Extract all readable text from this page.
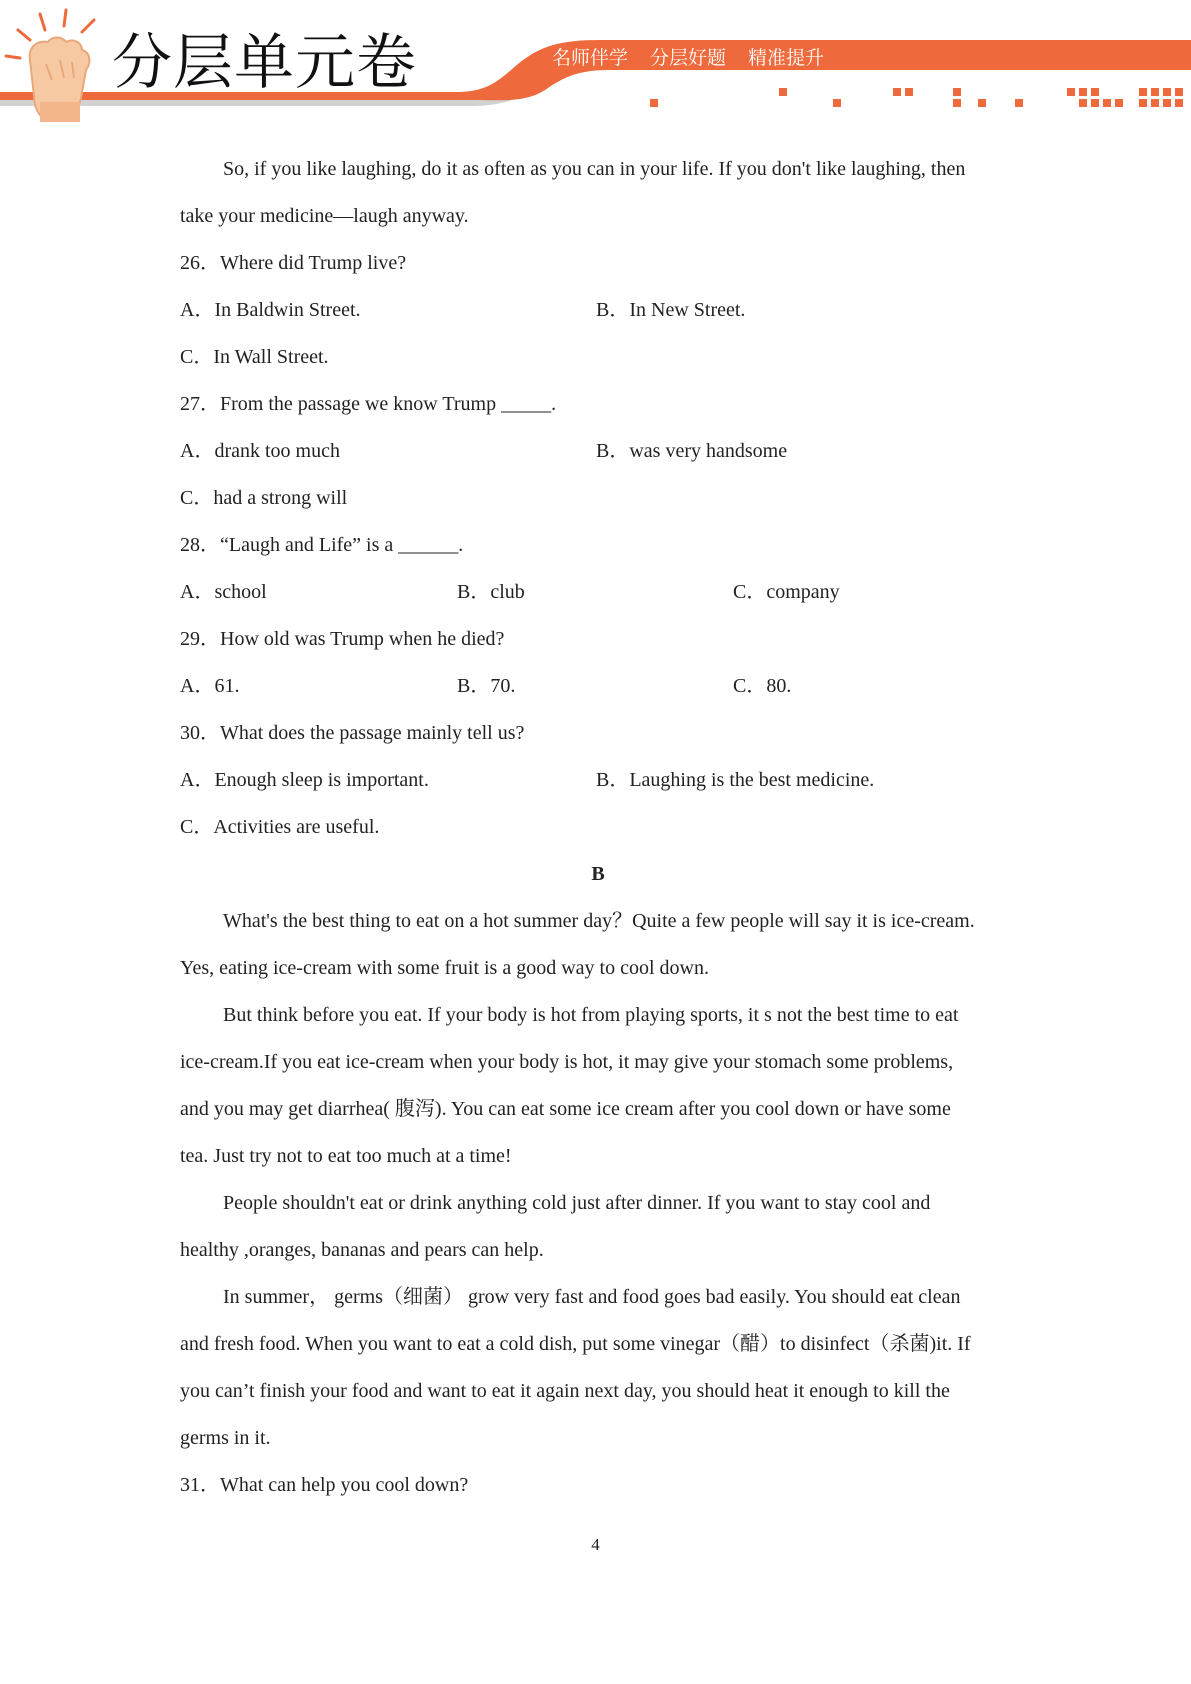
分层单元卷	名师伴学 分层好题 精准提升
So, if you like laughing, do it as often as you can in your life. If you don't like laughing, then
take your medicine—laugh anyway.
26．Where did Trump live?
A．In Baldwin Street.	B．In New Street.
C．In Wall Street.
27．From the passage we know Trump _____.
A．drank too much	B．was very handsome
C．had a strong will
28．“Laugh and Life” is a ______.
A．school	B．club	C．company
29．How old was Trump when he died?
A．61.	B．70.	C．80.
30．What does the passage mainly tell us?
A．Enough sleep is important.	B．Laughing is the best medicine.
C．Activities are useful.
B
What's the best thing to eat on a hot summer day？Quite a few people will say it is ice-cream.
Yes, eating ice-cream with some fruit is a good way to cool down.
But think before you eat. If your body is hot from playing sports, it s not the best time to eat
ice-cream.If you eat ice-cream when your body is hot, it may give your stomach some problems,
and you may get diarrhea( 腹泻). You can eat some ice cream after you cool down or have some
tea. Just try not to eat too much at a time!
People shouldn't eat or drink anything cold just after dinner. If you want to stay cool and
healthy ,oranges, bananas and pears can help.
In summer， germs（细菌） grow very fast and food goes bad easily. You should eat clean
and fresh food. When you want to eat a cold dish, put some vinegar（醋）to disinfect（杀菌)it. If
you can’t finish your food and want to eat it again next day, you should heat it enough to kill the
germs in it.
31．What can help you cool down?
4
